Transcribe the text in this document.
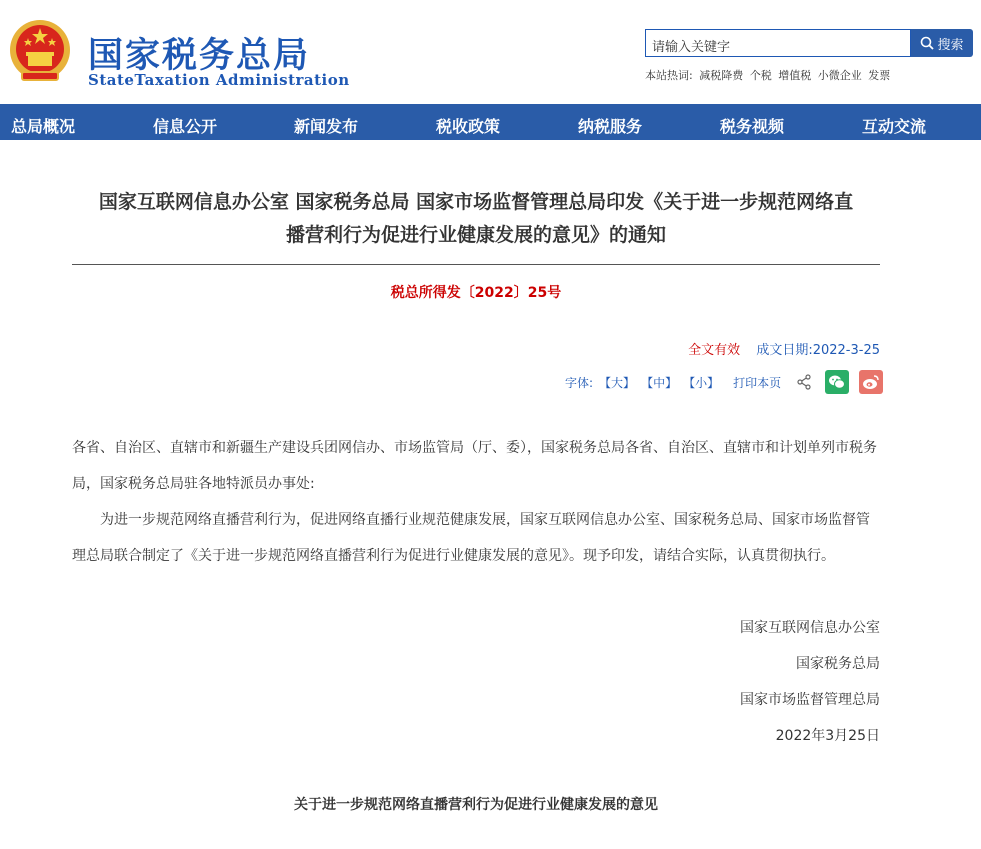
国家税务总局
StateTaxation Administration
请输入关键字	搜索
本站热词: 减税降费 个税 增值税 小微企业 发票
总局概况	信息公开	新闻发布	税收政策	纳税服务	税务视频	互动交流
国家互联网信息办公室 国家税务总局 国家市场监督管理总局印发《关于进一步规范网络直
播营利行为促进行业健康发展的意见》的通知
税总所得发〔2022〕25号
全文有效 成文日期:2022-3-25
字体: 【大】 【中】 【小】 打印本页
各省、自治区、直辖市和新疆生产建设兵团网信办、市场监管局（厅、委），国家税务总局各省、自治区、直辖市和计划单列市税务局，国家税务总局驻各地特派员办事处:
为进一步规范网络直播营利行为，促进网络直播行业规范健康发展，国家互联网信息办公室、国家税务总局、国家市场监督管理总局联合制定了《关于进一步规范网络直播营利行为促进行业健康发展的意见》。现予印发，请结合实际，认真贯彻执行。
国家互联网信息办公室
国家税务总局
国家市场监督管理总局
2022年3月25日
关于进一步规范网络直播营利行为促进行业健康发展的意见
